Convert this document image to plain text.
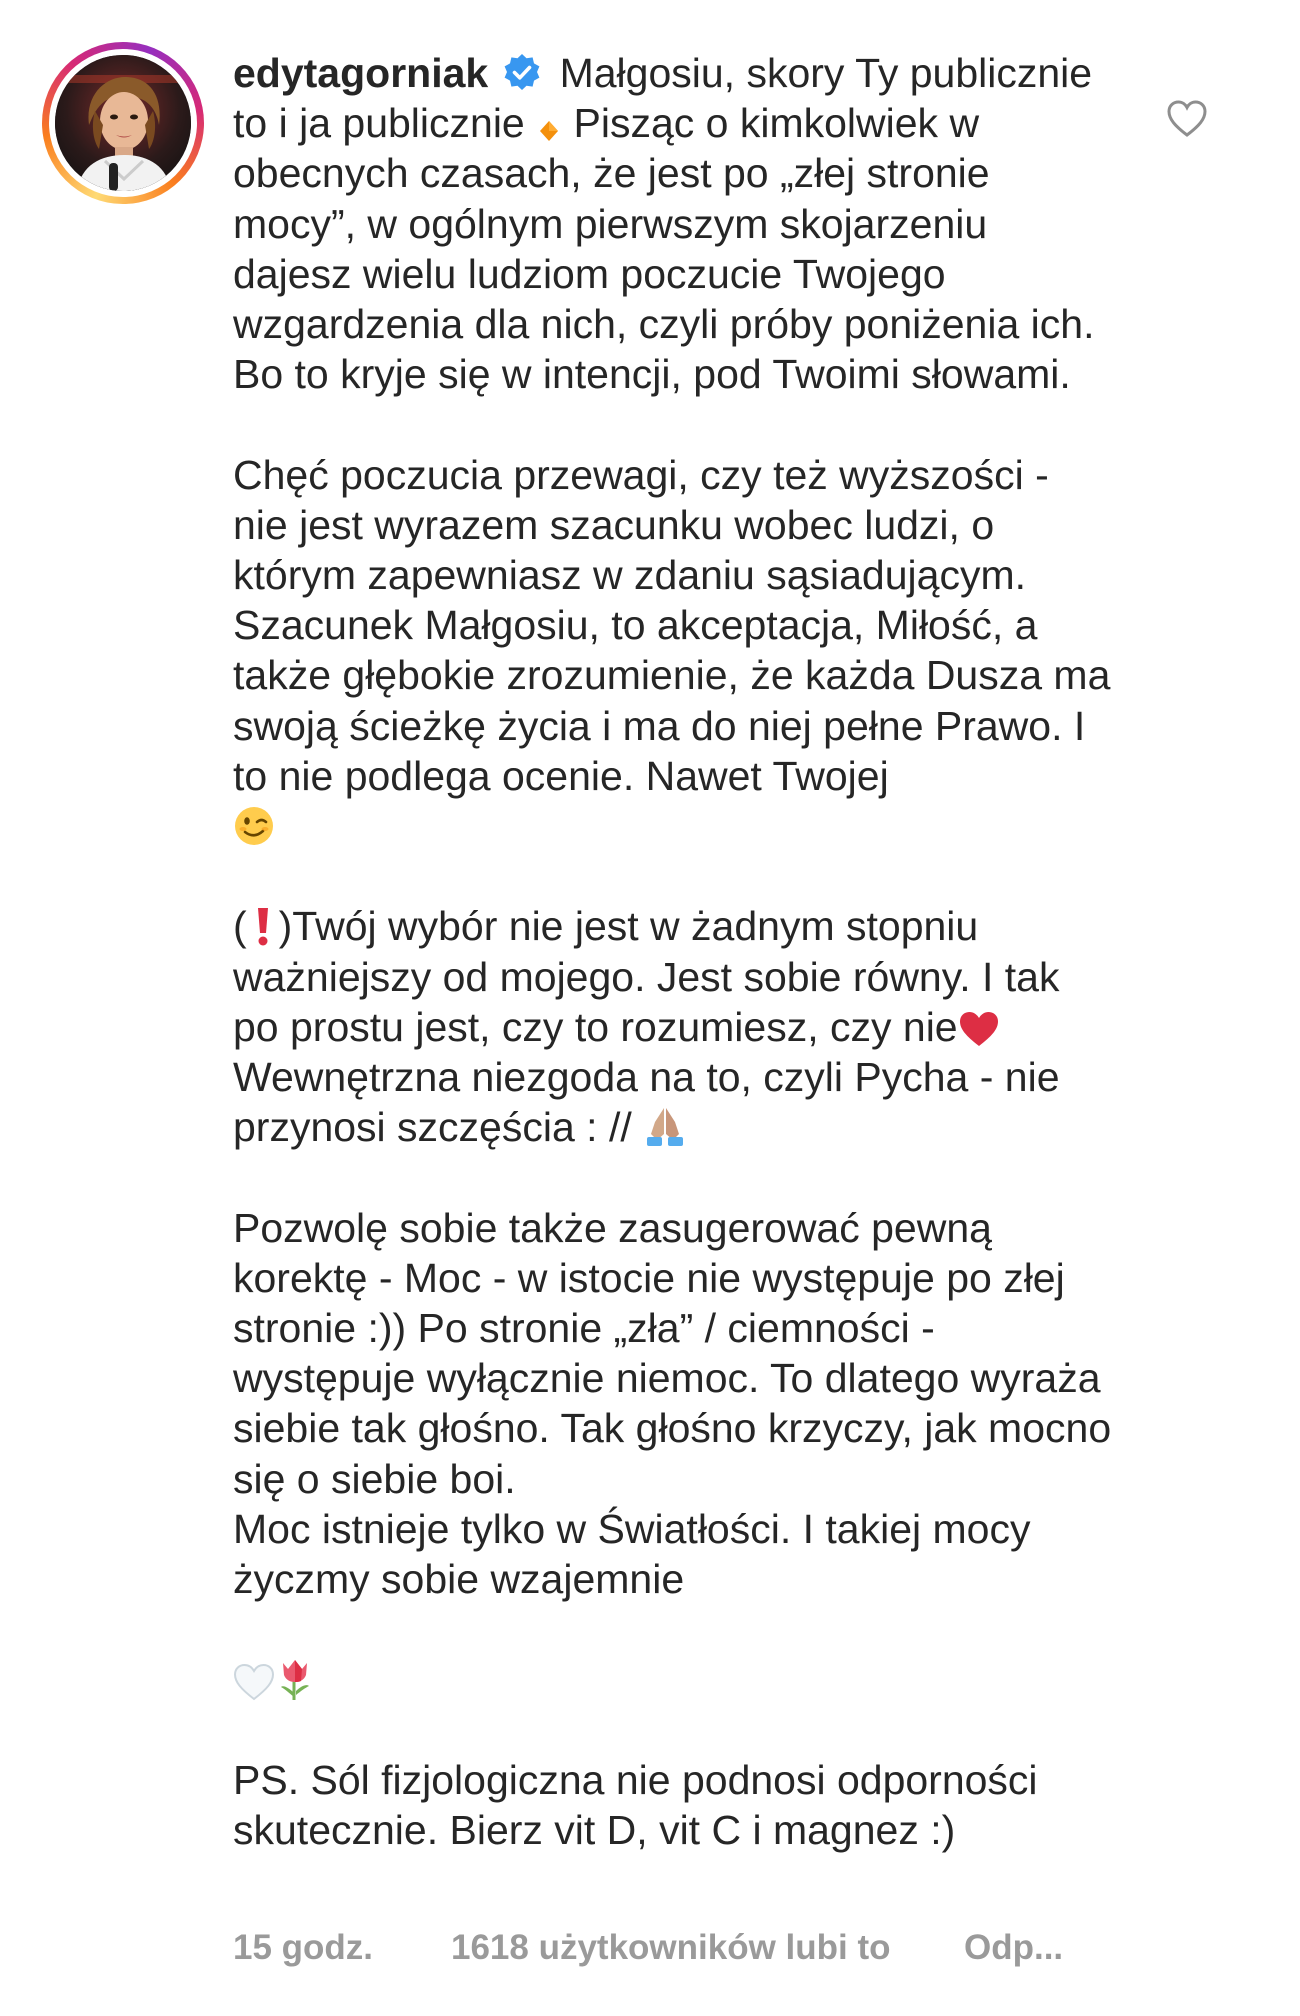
edytagorniak Małgosiu, skory Ty publicznie to i ja publicznie  Pisząc o kimkolwiek w obecnych czasach, że jest po „złej stronie mocy”, w ogólnym pierwszym skojarzeniu dajesz wielu ludziom poczucie Twojego wzgardzenia dla nich, czyli próby poniżenia ich. Bo to kryje się w intencji, pod Twoimi słowami.

Chęć poczucia przewagi, czy też wyższości - nie jest wyrazem szacunku wobec ludzi, o którym zapewniasz w zdaniu sąsiadującym. Szacunek Małgosiu, to akceptacja, Miłość, a także głębokie zrozumienie, że każda Dusza ma swoją ścieżkę życia i ma do niej pełne Prawo. I to nie podlega ocenie. Nawet Twojej

( )Twój wybór nie jest w żadnym stopniu ważniejszy od mojego. Jest sobie równy. I tak po prostu jest, czy to rozumiesz, czy nie
Wewnętrzna niezgoda na to, czyli Pycha - nie przynosi szczęścia : //

Pozwolę sobie także zasugerować pewną korektę - Moc - w istocie nie występuje po złej stronie :)) Po stronie „zła” / ciemności - występuje wyłącznie niemoc. To dlatego wyraża siebie tak głośno. Tak głośno krzyczy, jak mocno się o siebie boi.
Moc istnieje tylko w Światłości. I takiej mocy życzmy sobie wzajemnie

PS. Sól fizjologiczna nie podnosi odporności skutecznie. Bierz vit D, vit C i magnez :)
15 godz. 1618 użytkowników lubi to Odp...
